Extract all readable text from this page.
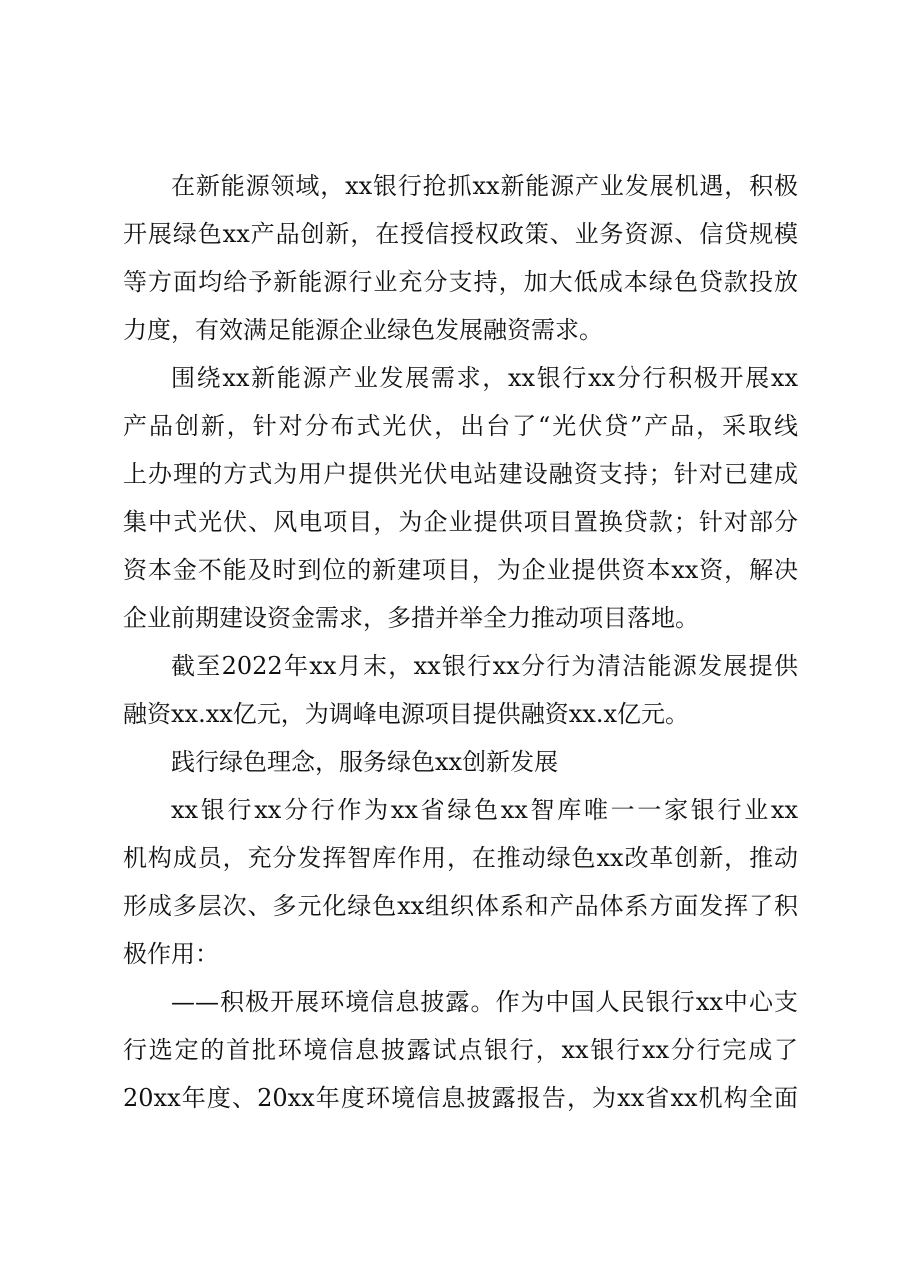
在新能源领域，xx银行抢抓xx新能源产业发展机遇，积极
开展绿色xx产品创新，在授信授权政策、业务资源、信贷规模
等方面均给予新能源行业充分支持，加大低成本绿色贷款投放
力度，有效满足能源企业绿色发展融资需求。
围绕xx新能源产业发展需求，xx银行xx分行积极开展xx
产品创新，针对分布式光伏，出台了“光伏贷”产品，采取线
上办理的方式为用户提供光伏电站建设融资支持；针对已建成
集中式光伏、风电项目，为企业提供项目置换贷款；针对部分
资本金不能及时到位的新建项目，为企业提供资本xx资，解决
企业前期建设资金需求，多措并举全力推动项目落地。
截至2022年xx月末，xx银行xx分行为清洁能源发展提供
融资xx.xx亿元，为调峰电源项目提供融资xx.x亿元。
践行绿色理念，服务绿色xx创新发展
xx银行xx分行作为xx省绿色xx智库唯一一家银行业xx
机构成员，充分发挥智库作用，在推动绿色xx改革创新，推动
形成多层次、多元化绿色xx组织体系和产品体系方面发挥了积
极作用：
——积极开展环境信息披露。作为中国人民银行xx中心支
行选定的首批环境信息披露试点银行，xx银行xx分行完成了
20xx年度、20xx年度环境信息披露报告，为xx省xx机构全面
